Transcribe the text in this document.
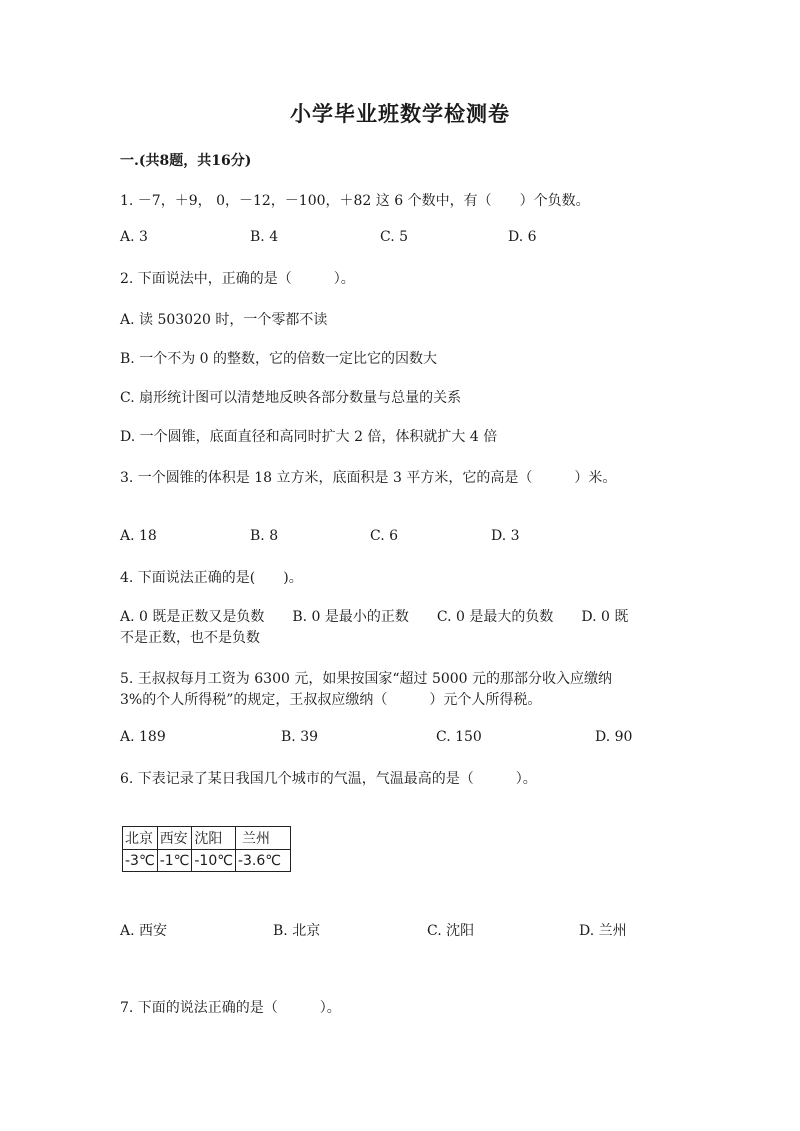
小学毕业班数学检测卷
一.(共8题，共16分)
1. －7，＋9， 0，－12，－100，＋82 这 6 个数中，有（　　）个负数。
A. 3	B. 4	C. 5	D. 6
2. 下面说法中，正确的是（　　　）。
A. 读 503020 时，一个零都不读
B. 一个不为 0 的整数，它的倍数一定比它的因数大
C. 扇形统计图可以清楚地反映各部分数量与总量的关系
D. 一个圆锥，底面直径和高同时扩大 2 倍，体积就扩大 4 倍
3. 一个圆锥的体积是 18 立方米，底面积是 3 平方米，它的高是（　　　）米。
A. 18	B. 8	C. 6	D. 3
4. 下面说法正确的是(　　)。
A. 0 既是正数又是负数　　B. 0 是最小的正数　　C. 0 是最大的负数　　D. 0 既
不是正数，也不是负数
5. 王叔叔每月工资为 6300 元，如果按国家“超过 5000 元的那部分收入应缴纳
3%的个人所得税”的规定，王叔叔应缴纳（　　　）元个人所得税。
A. 189	B. 39	C. 150	D. 90
6. 下表记录了某日我国几个城市的气温，气温最高的是（　　　）。
北京	西安	沈阳	兰州
-3℃	-1℃	-10℃	-3.6℃
A. 西安	B. 北京	C. 沈阳	D. 兰州
7. 下面的说法正确的是（　　　）。
